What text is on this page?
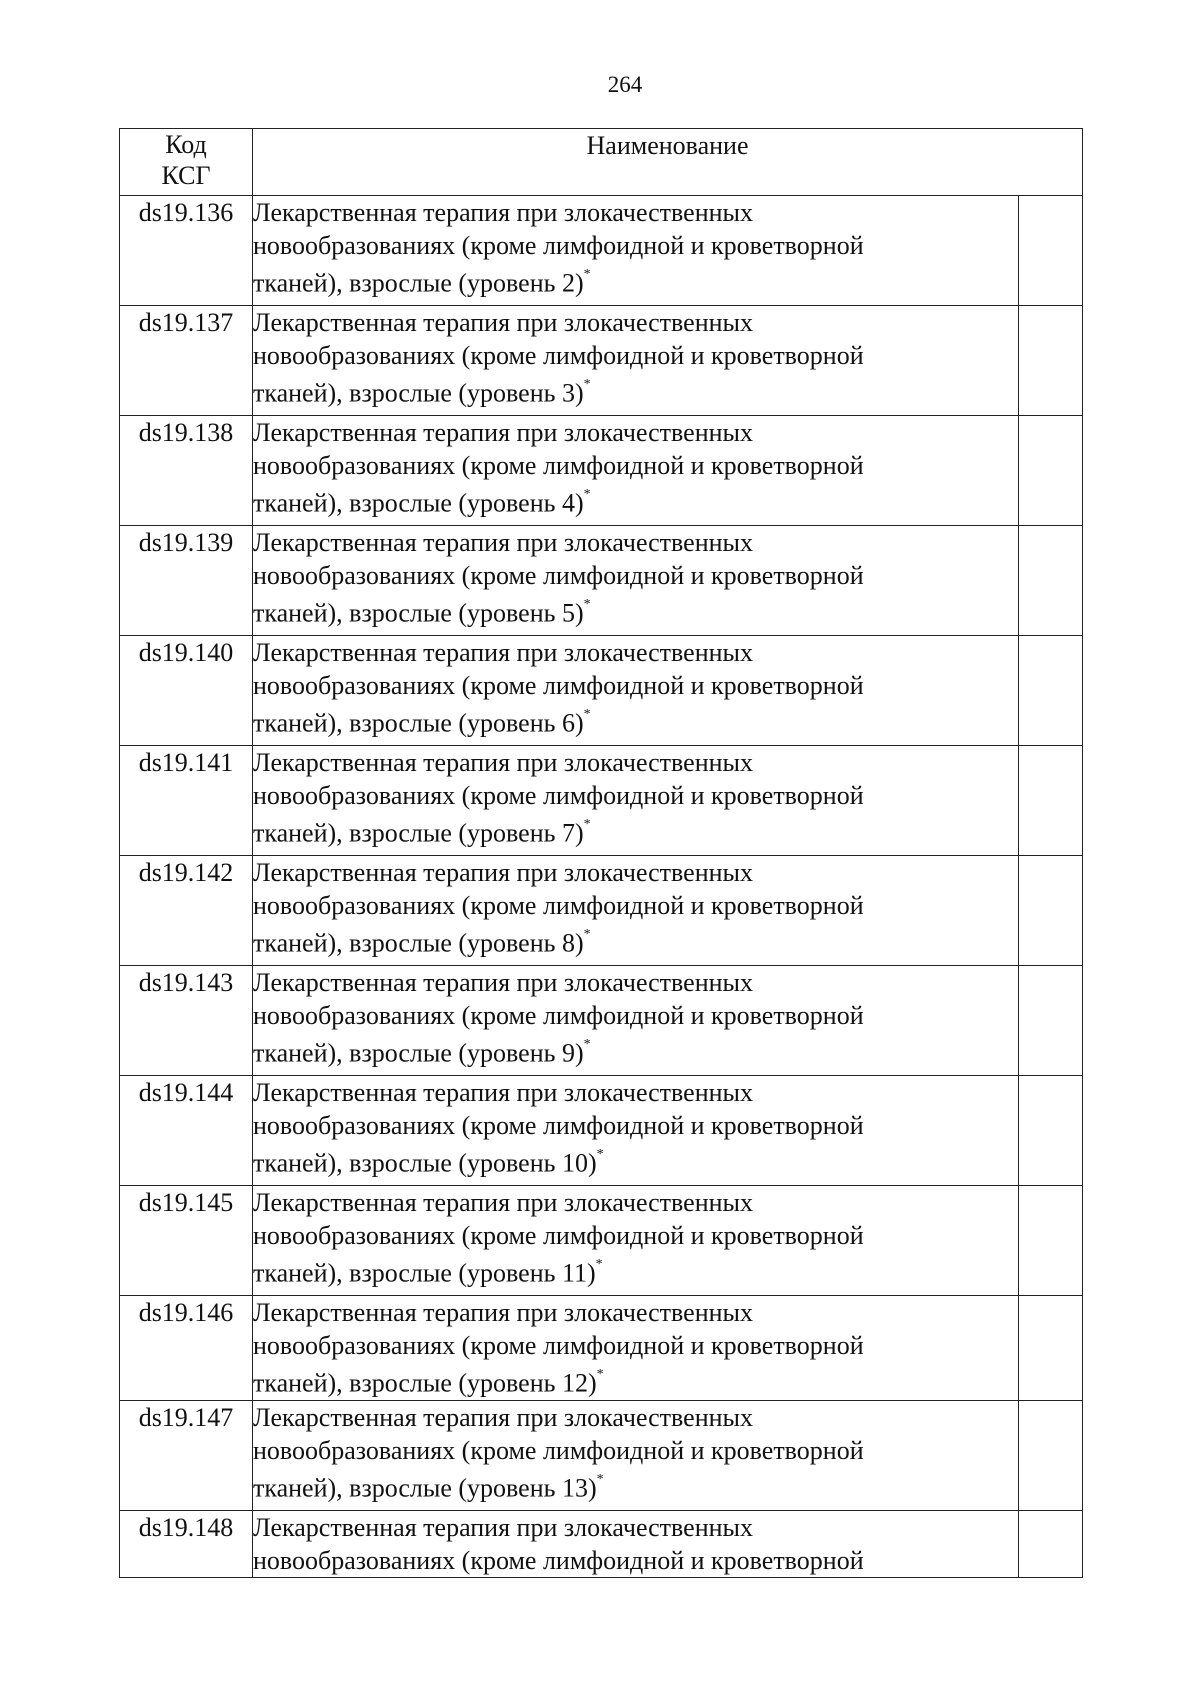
264
Код
КСГ	Наименование	
ds19.136	Лекарственная терапия при злокачественных
новообразованиях (кроме лимфоидной и кроветворной
тканей), взрослые (уровень 2)*

ds19.137	Лекарственная терапия при злокачественных
новообразованиях (кроме лимфоидной и кроветворной
тканей), взрослые (уровень 3)*

ds19.138	Лекарственная терапия при злокачественных
новообразованиях (кроме лимфоидной и кроветворной
тканей), взрослые (уровень 4)*

ds19.139	Лекарственная терапия при злокачественных
новообразованиях (кроме лимфоидной и кроветворной
тканей), взрослые (уровень 5)*

ds19.140	Лекарственная терапия при злокачественных
новообразованиях (кроме лимфоидной и кроветворной
тканей), взрослые (уровень 6)*

ds19.141	Лекарственная терапия при злокачественных
новообразованиях (кроме лимфоидной и кроветворной
тканей), взрослые (уровень 7)*

ds19.142	Лекарственная терапия при злокачественных
новообразованиях (кроме лимфоидной и кроветворной
тканей), взрослые (уровень 8)*

ds19.143	Лекарственная терапия при злокачественных
новообразованиях (кроме лимфоидной и кроветворной
тканей), взрослые (уровень 9)*

ds19.144	Лекарственная терапия при злокачественных
новообразованиях (кроме лимфоидной и кроветворной
тканей), взрослые (уровень 10)*

ds19.145	Лекарственная терапия при злокачественных
новообразованиях (кроме лимфоидной и кроветворной
тканей), взрослые (уровень 11)*

ds19.146	Лекарственная терапия при злокачественных
новообразованиях (кроме лимфоидной и кроветворной
тканей), взрослые (уровень 12)*

ds19.147	Лекарственная терапия при злокачественных
новообразованиях (кроме лимфоидной и кроветворной
тканей), взрослые (уровень 13)*

ds19.148	Лекарственная терапия при злокачественных
новообразованиях (кроме лимфоидной и кроветворной	
